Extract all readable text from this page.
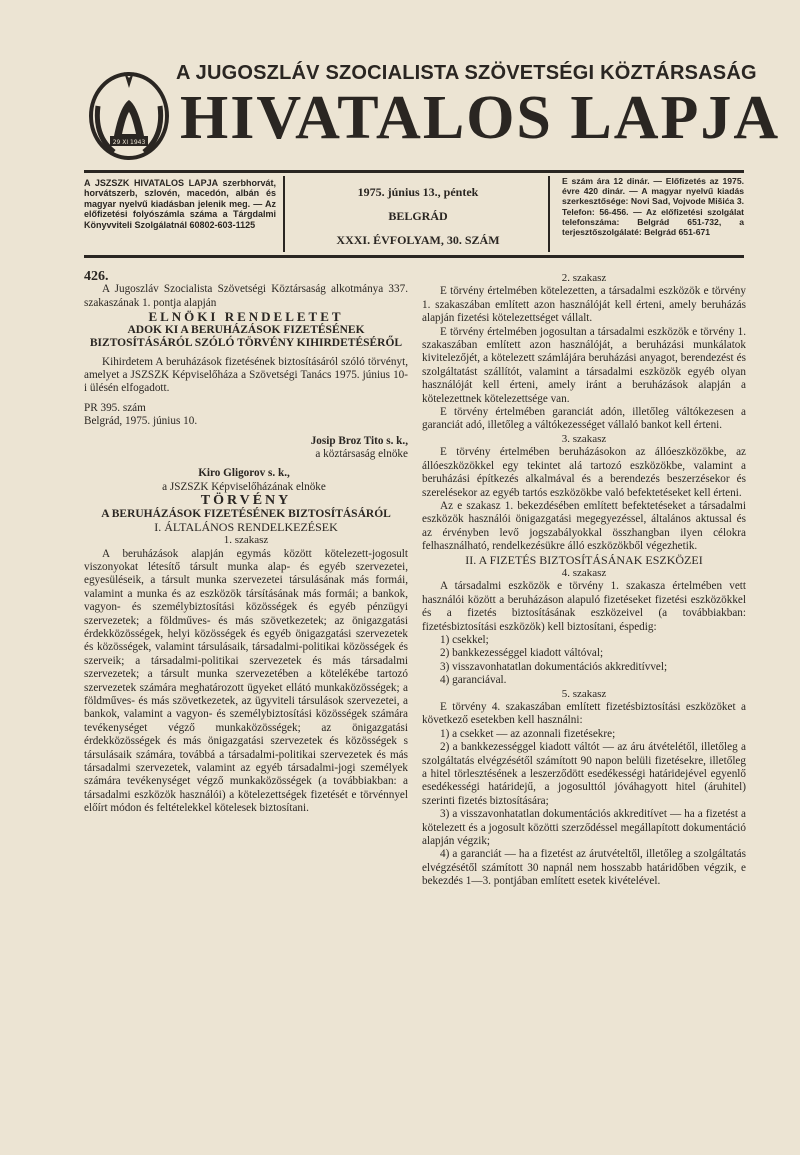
29 XI 1943
A JUGOSZLÁV SZOCIALISTA SZÖVETSÉGI KÖZTÁRSASÁG
HIVATALOS LAPJA
A JSZSZK HIVATALOS LAPJA szerbhorvát, horvátszerb, szlovén, macedón, albán és magyar nyelvű kiadásban jelenik meg. — Az előfizetési folyószámla száma a Tárgdalmi Könyvviteli Szolgálatnál 60802-603-1125
1975. június 13., péntek
BELGRÁD
XXXI. ÉVFOLYAM, 30. SZÁM
E szám ára 12 dinár. — Előfizetés az 1975. évre 420 dinár. — A magyar nyelvű kiadás szerkesztősége: Novi Sad, Vojvode Mišića 3. Telefon: 56-456. — Az előfizetési szolgálat telefonszáma: Belgrád 651-732, a terjesztőszolgálaté: Belgrád 651-671

426.

A Jugoszláv Szocialista Szövetségi Köztársaság alkotmánya 337. szakaszának 1. pontja alapján

ELNÖKI RENDELETET

ADOK KI A BERUHÁZÁSOK FIZETÉSÉNEK BIZTOSÍTÁSÁRÓL SZÓLÓ TÖRVÉNY KIHIRDETÉSÉRŐL

Kihirdetem A beruházások fizetésének biztosításáról szóló törvényt, amelyet a JSZSZK Képviselőháza a Szövetségi Tanács 1975. június 10-i ülésén elfogadott.

PR 395. szám

Belgrád, 1975. június 10.

Josip Broz Tito s. k.,

a köztársaság elnöke

Kiro Gligorov s. k.,

a JSZSZK Képviselőházának elnöke

TÖRVÉNY

A BERUHÁZÁSOK FIZETÉSÉNEK BIZTOSÍTÁSÁRÓL

I. ÁLTALÁNOS RENDELKEZÉSEK

1. szakasz

A beruházások alapján egymás között kötelezett-jogosult viszonyokat létesítő társult munka alap- és egyéb szervezetei, egyesüléseik, a társult munka szervezetei társulásának más formái, valamint a munka és az eszközök társításának más formái; a bankok, vagyon- és személybiztosítási közösségek és egyéb pénzügyi szervezetek; a földműves- és más szövetkezetek; az önigazgatási érdekközösségek, helyi közösségek és egyéb önigazgatási szervezetek és közösségek, valamint társulásaik, társadalmi-politikai közösségek és szerveik; a társadalmi-politikai szervezetek és más társadalmi szervezetek; a társult munka szervezetében a kötelékébe tartozó szervezetek számára meghatározott ügyeket ellátó munkaközösségek; a földműves- és más szövetkezetek, az ügyviteli társulások szervezetei, a bankok, valamint a vagyon- és személybiztosítási közösségek számára tevékenységet végző munkaközösségek; az önigazgatási érdekközösségek és más önigazgatási szervezetek és közösségek s társulásaik számára, továbbá a társadalmi-politikai szervezetek és más társadalmi szervezetek, valamint az egyéb társadalmi-jogi személyek számára tevékenységet végző munkaközösségek (a továbbiakban: a társadalmi eszközök használói) a kötelezettségek fizetését e törvénnyel előírt módon és feltételekkel kötelesek biztosítani.

2. szakasz

E törvény értelmében kötelezetten, a társadalmi eszközök e törvény 1. szakaszában említett azon használóját kell érteni, amely beruházás alapján fizetési kötelezettséget vállalt.

E törvény értelmében jogosultan a társadalmi eszközök e törvény 1. szakaszában említett azon használóját, a beruházási munkálatok kivitelezőjét, a kötelezett számlájára beruházási anyagot, berendezést és szolgáltatást szállítót, valamint a társadalmi eszközök egyéb olyan használóját kell érteni, amely iránt a beruházások alapján a kötelezettnek kötelezettsége van.

E törvény értelmében garanciát adón, illetőleg váltókezesen a garanciát adó, illetőleg a váltókezességet vállaló bankot kell érteni.

3. szakasz

E törvény értelmében beruházásokon az állóeszközökbe, az állóeszközökkel egy tekintet alá tartozó eszközökbe, valamint a beruházási építkezés alkalmával és a berendezés beszerzésekor és szerelésekor az egyéb tartós eszközökbe való befektetéseket kell érteni.

Az e szakasz 1. bekezdésében említett befektetéseket a társadalmi eszközök használói önigazgatási megegyezéssel, általános aktussal és az érvényben levő jogszabályokkal összhangban ilyen célokra felhasználható, rendelkezésükre álló eszközökből végezhetik.

II. A FIZETÉS BIZTOSÍTÁSÁNAK ESZKÖZEI

4. szakasz

A társadalmi eszközök e törvény 1. szakasza értelmében vett használói között a beruházáson alapuló fizetéseket fizetési eszközökkel és a fizetés biztosításának eszközeivel (a továbbiakban: fizetésbiztosítási eszközök) kell biztosítani, éspedig:

1) csekkel;

2) bankkezességgel kiadott váltóval;

3) visszavonhatatlan dokumentációs akkreditívvel;

4) garanciával.

5. szakasz

E törvény 4. szakaszában említett fizetésbiztosítási eszközöket a következő esetekben kell használni:

1) a csekket — az azonnali fizetésekre;

2) a bankkezességgel kiadott váltót — az áru átvételétől, illetőleg a szolgáltatás elvégzésétől számított 90 napon belüli fizetésekre, illetőleg a hitel törlesztésének a leszerződött esedékességi határidejével egyenlő esedékességi határidejű, a jogosulttól jóváhagyott hitel (áruhitel) szerinti fizetés biztosítására;

3) a visszavonhatatlan dokumentációs akkreditívet — ha a fizetést a kötelezett és a jogosult közötti szerződéssel megállapított dokumentáció alapján végzik;

4) a garanciát — ha a fizetést az árutvételtől, illetőleg a szolgáltatás elvégzésétől számított 30 napnál nem hosszabb határidőben végzik, e bekezdés 1—3. pontjában említett esetek kivételével.
